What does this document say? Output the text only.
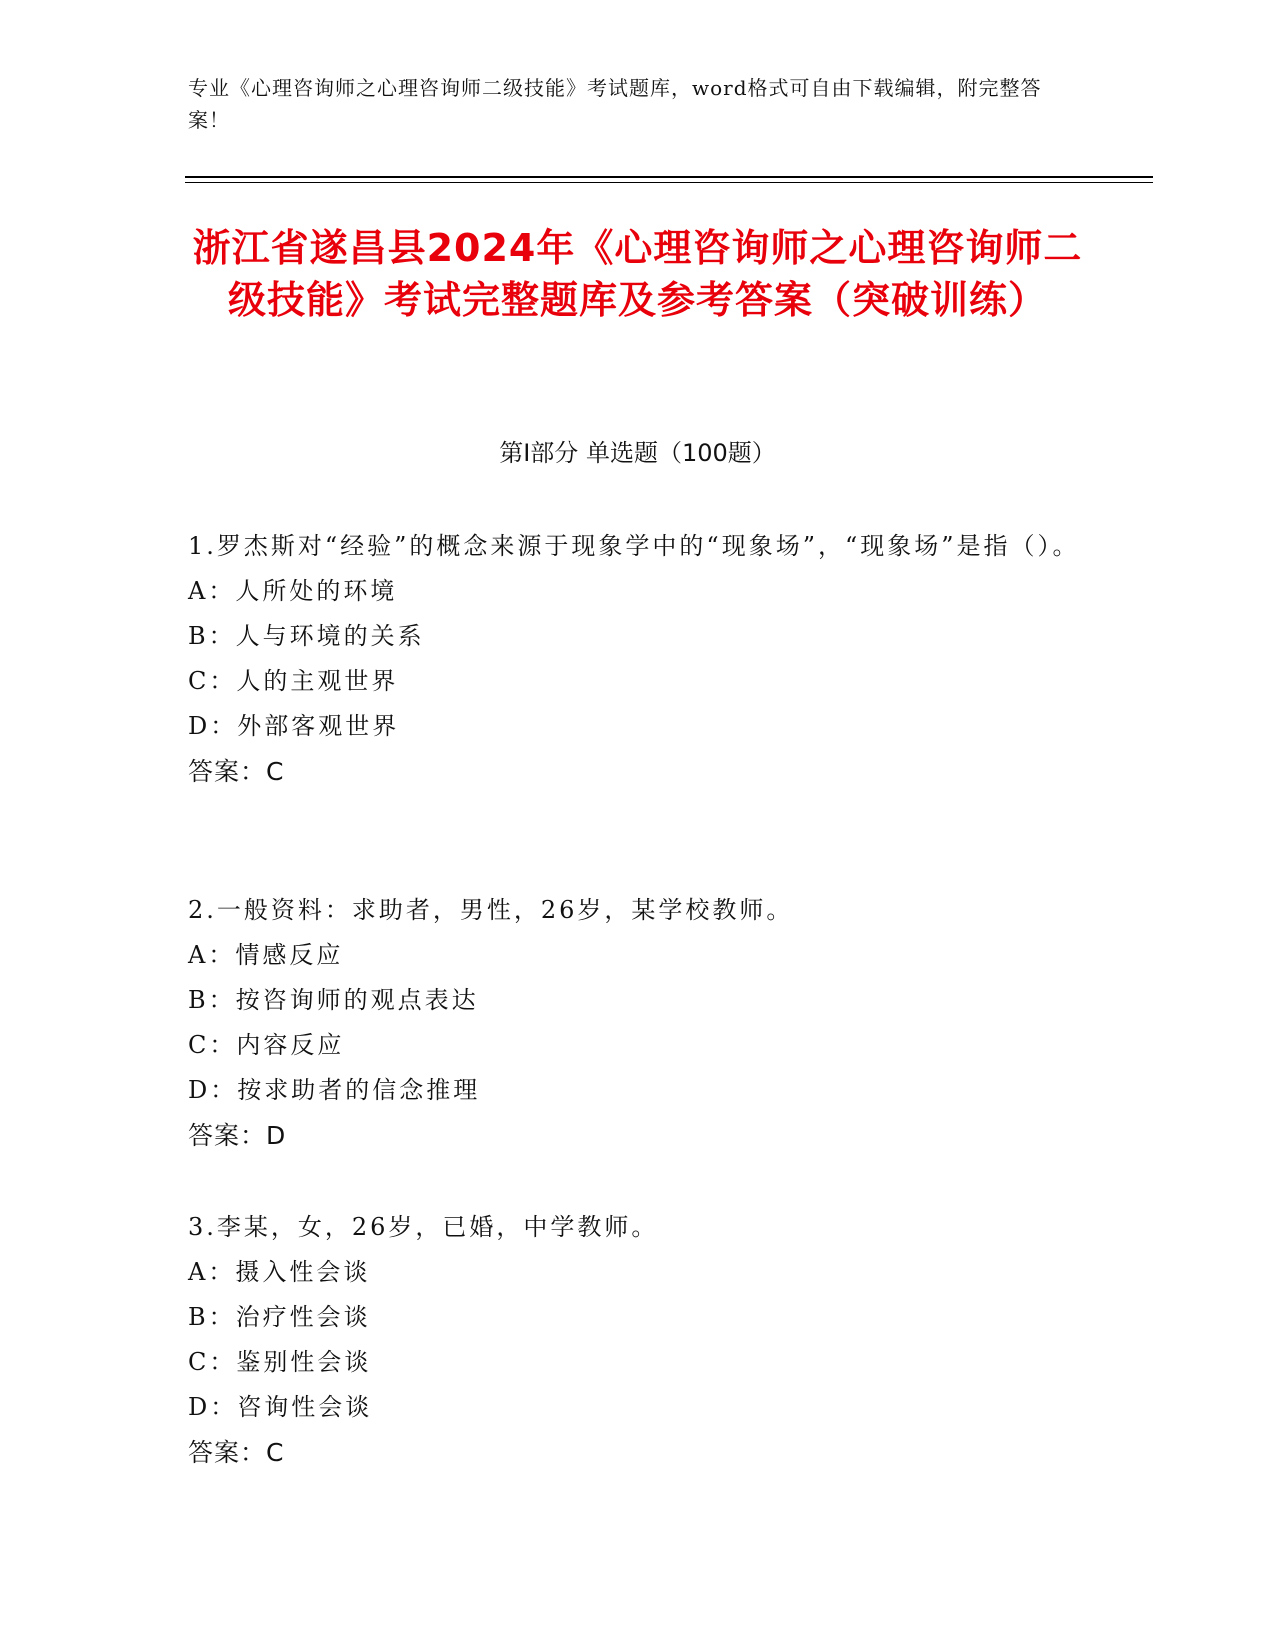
专业《心理咨询师之心理咨询师二级技能》考试题库，word格式可自由下载编辑，附完整答案！
浙江省遂昌县2024年《心理咨询师之心理咨询师二级技能》考试完整题库及参考答案（突破训练）
第I部分 单选题（100题）
1.罗杰斯对“经验”的概念来源于现象学中的“现象场”，“现象场”是指（）。
A：人所处的环境
B：人与环境的关系
C：人的主观世界
D：外部客观世界
答案：C
2.一般资料：求助者，男性，26岁，某学校教师。
A：情感反应
B：按咨询师的观点表达
C：内容反应
D：按求助者的信念推理
答案：D
3.李某，女，26岁，已婚，中学教师。
A：摄入性会谈
B：治疗性会谈
C：鉴别性会谈
D：咨询性会谈
答案：C
